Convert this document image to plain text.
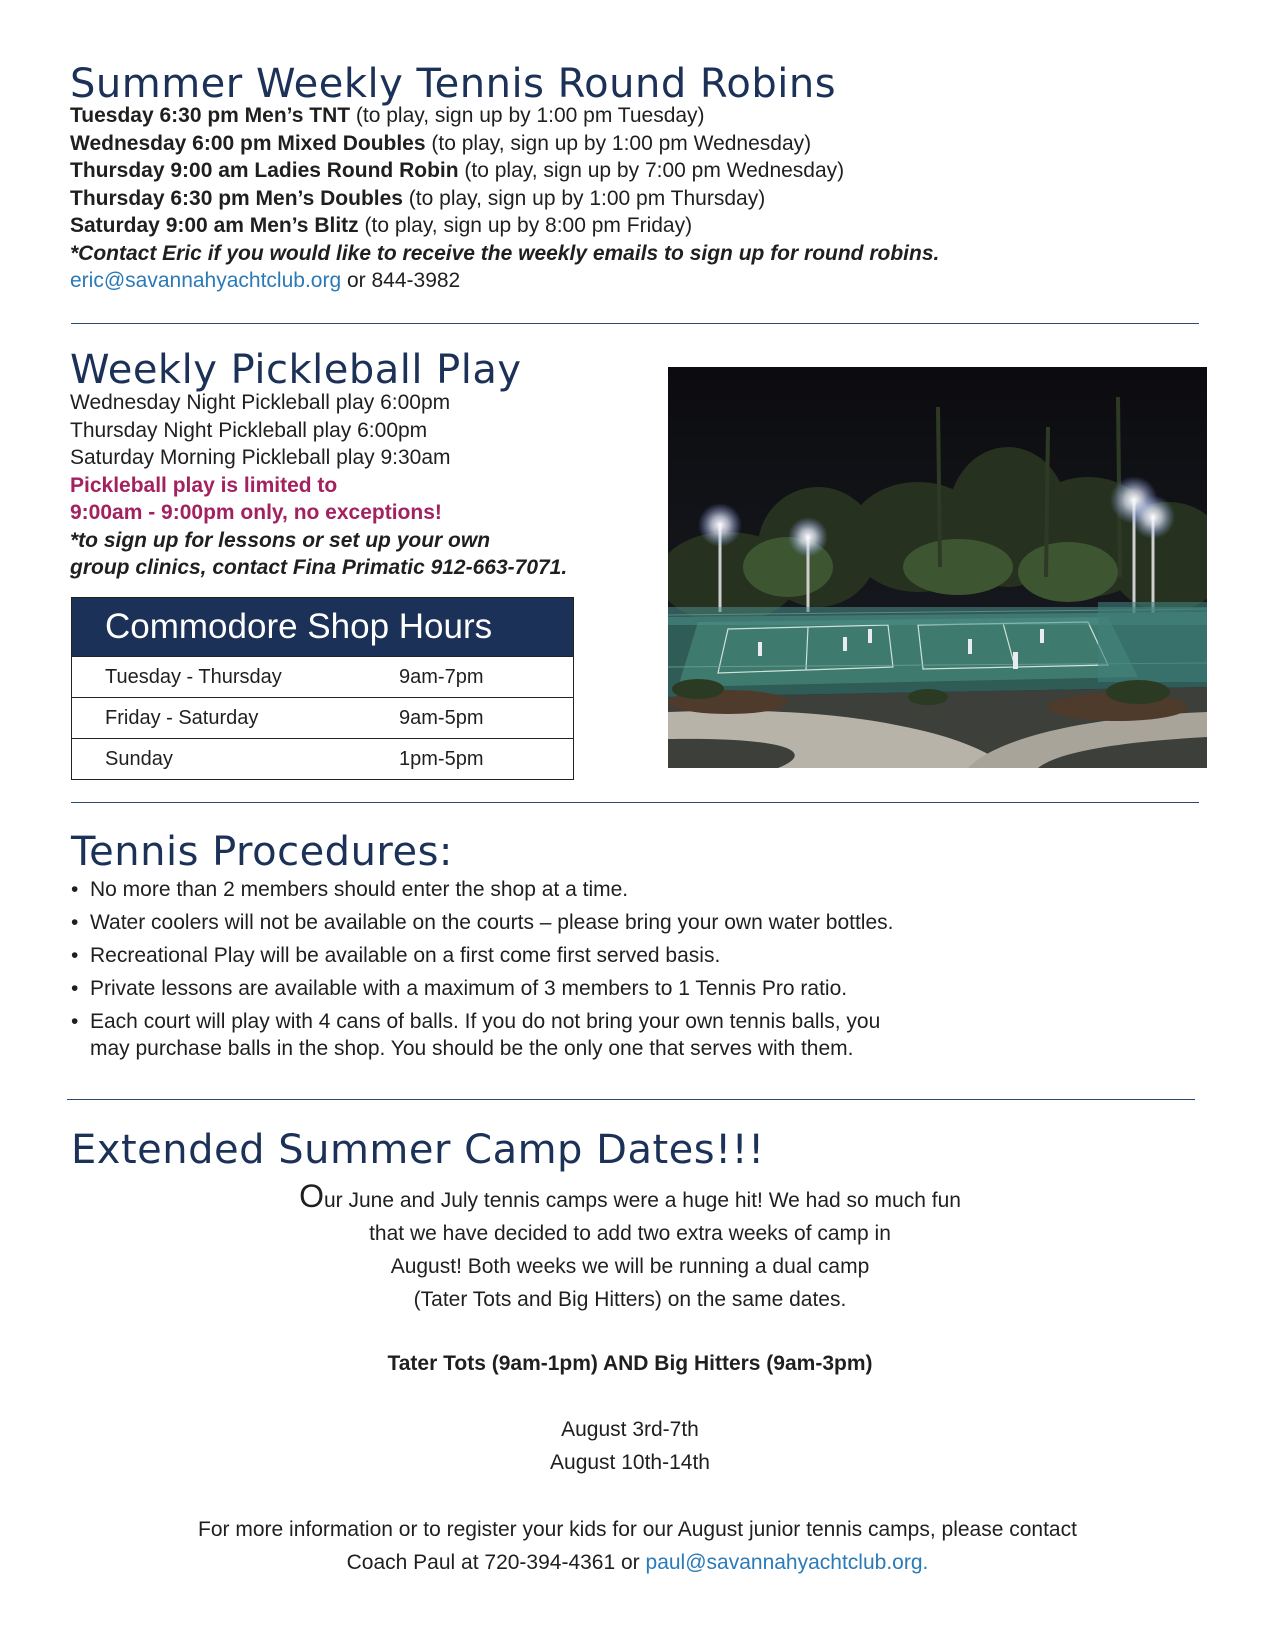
Summer Weekly Tennis Round Robins

Tuesday 6:30 pm Men’s TNT (to play, sign up by 1:00 pm Tuesday)

Wednesday 6:00 pm Mixed Doubles (to play, sign up by 1:00 pm Wednesday)

Thursday 9:00 am Ladies Round Robin (to play, sign up by 7:00 pm Wednesday)

Thursday 6:30 pm Men’s Doubles (to play, sign up by 1:00 pm Thursday)

Saturday 9:00 am Men’s Blitz (to play, sign up by 8:00 pm Friday)

*Contact Eric if you would like to receive the weekly emails to sign up for round robins.

eric@savannahyachtclub.org or 844-3982

Weekly Pickleball Play

Wednesday Night Pickleball play 6:00pm

Thursday Night Pickleball play 6:00pm

Saturday Morning Pickleball play 9:30am

Pickleball play is limited to

9:00am - 9:00pm only, no exceptions!

*to sign up for lessons or set up your own

group clinics, contact Fina Primatic 912-663-7071.

Commodore Shop Hours
Tuesday - Thursday	9am-7pm
Friday - Saturday	9am-5pm
Sunday	1pm-5pm
Tennis Procedures:
• No more than 2 members should enter the shop at a time.
• Water coolers will not be available on the courts – please bring your own water bottles.
• Recreational Play will be available on a first come first served basis.
• Private lessons are available with a maximum of 3 members to 1 Tennis Pro ratio.
• Each court will play with 4 cans of balls. If you do not bring your own tennis balls, you
may purchase balls in the shop. You should be the only one that serves with them.
Extended Summer Camp Dates!!!
Our June and July tennis camps were a huge hit! We had so much fun
that we have decided to add two extra weeks of camp in
August! Both weeks we will be running a dual camp
(Tater Tots and Big Hitters) on the same dates.
Tater Tots (9am-1pm) AND Big Hitters (9am-3pm)
August 3rd-7th
August 10th-14th
For more information or to register your kids for our August junior tennis camps, please contact
Coach Paul at 720-394-4361 or paul@savannahyachtclub.org.
